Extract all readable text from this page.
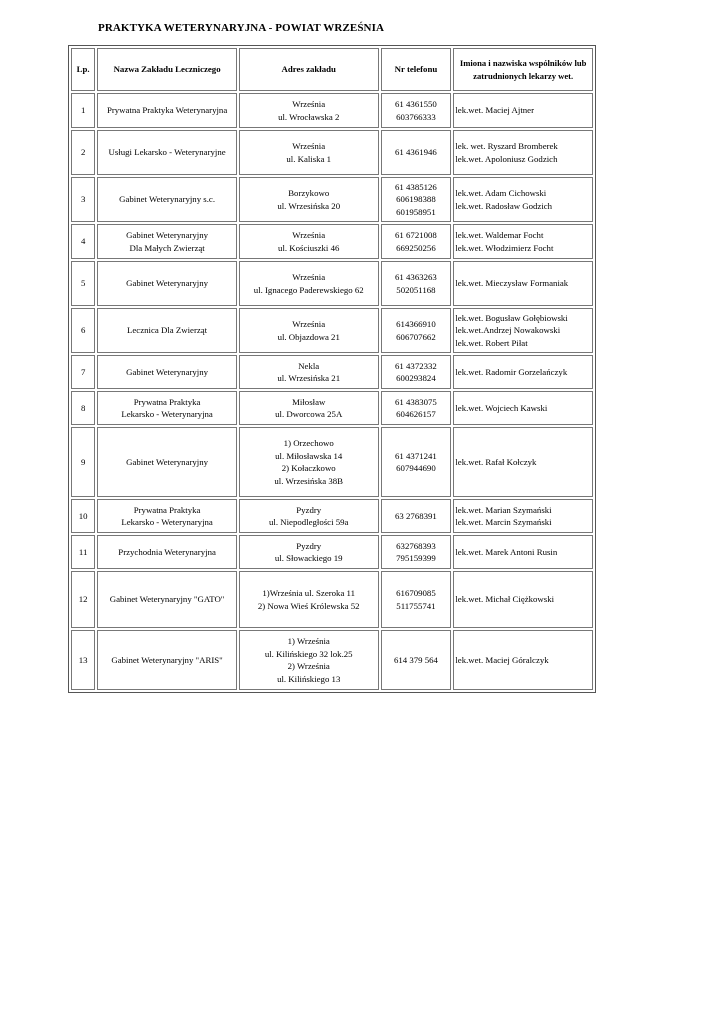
PRAKTYKA WETERYNARYJNA - POWIAT WRZEŚNIA
Lp.	Nazwa Zakładu Leczniczego	Adres zakładu	Nr telefonu	Imiona i nazwiska wspólników lub zatrudnionych lekarzy wet.
1	Prywatna Praktyka Weterynaryjna	Września
ul. Wrocławska 2	61 4361550
603766333	lek.wet. Maciej Ajtner

2	Usługi Lekarsko - Weterynaryjne	Września
ul. Kaliska 1	61 4361946	lek. wet. Ryszard Bromberek
lek.wet. Apoloniusz Godzich

3	Gabinet Weterynaryjny s.c.	Borzykowo
ul. Wrzesińska 20	61 4385126
606198388
601958951	lek.wet. Adam Cichowski
lek.wet. Radosław Godzich

4	Gabinet Weterynaryjny
Dla Małych Zwierząt	Września
ul. Kościuszki 46	61 6721008
669250256	lek.wet. Waldemar Focht
lek.wet. Włodzimierz Focht

5	Gabinet Weterynaryjny	Września
ul. Ignacego Paderewskiego 62	61 4363263
502051168	lek.wet. Mieczysław Formaniak

6	Lecznica Dla Zwierząt	Września
ul. Objazdowa 21	614366910
606707662	lek.wet. Bogusław Gołębiowski
lek.wet.Andrzej Nowakowski
lek.wet. Robert Piłat

7	Gabinet Weterynaryjny	Nekla
ul. Wrzesińska 21	61 4372332
600293824	lek.wet. Radomir Gorzelańczyk

8	Prywatna Praktyka
Lekarsko - Weterynaryjna	Miłosław
ul. Dworcowa 25A	61 4383075
604626157	lek.wet. Wojciech Kawski

9	Gabinet Weterynaryjny	1) Orzechowo
ul. Miłosławska 14
2) Kołaczkowo
ul. Wrzesińska 38B	61 4371241
607944690	lek.wet. Rafał Kołczyk

10	Prywatna Praktyka
Lekarsko - Weterynaryjna	Pyzdry
ul. Niepodległości 59a	63 2768391	lek.wet. Marian Szymański
lek.wet. Marcin Szymański

11	Przychodnia Weterynaryjna	Pyzdry
ul. Słowackiego 19	632768393
795159399	lek.wet. Marek Antoni Rusin

12	Gabinet Weterynaryjny "GATO"	1)Września ul. Szeroka 11
2) Nowa Wieś Królewska 52	616709085
511755741	lek.wet. Michał Ciężkowski

13	Gabinet Weterynaryjny "ARIS"	1) Września
ul. Kilińskiego 32 lok.25
2) Września
ul. Kilińskiego 13	614 379 564	lek.wet. Maciej Góralczyk
